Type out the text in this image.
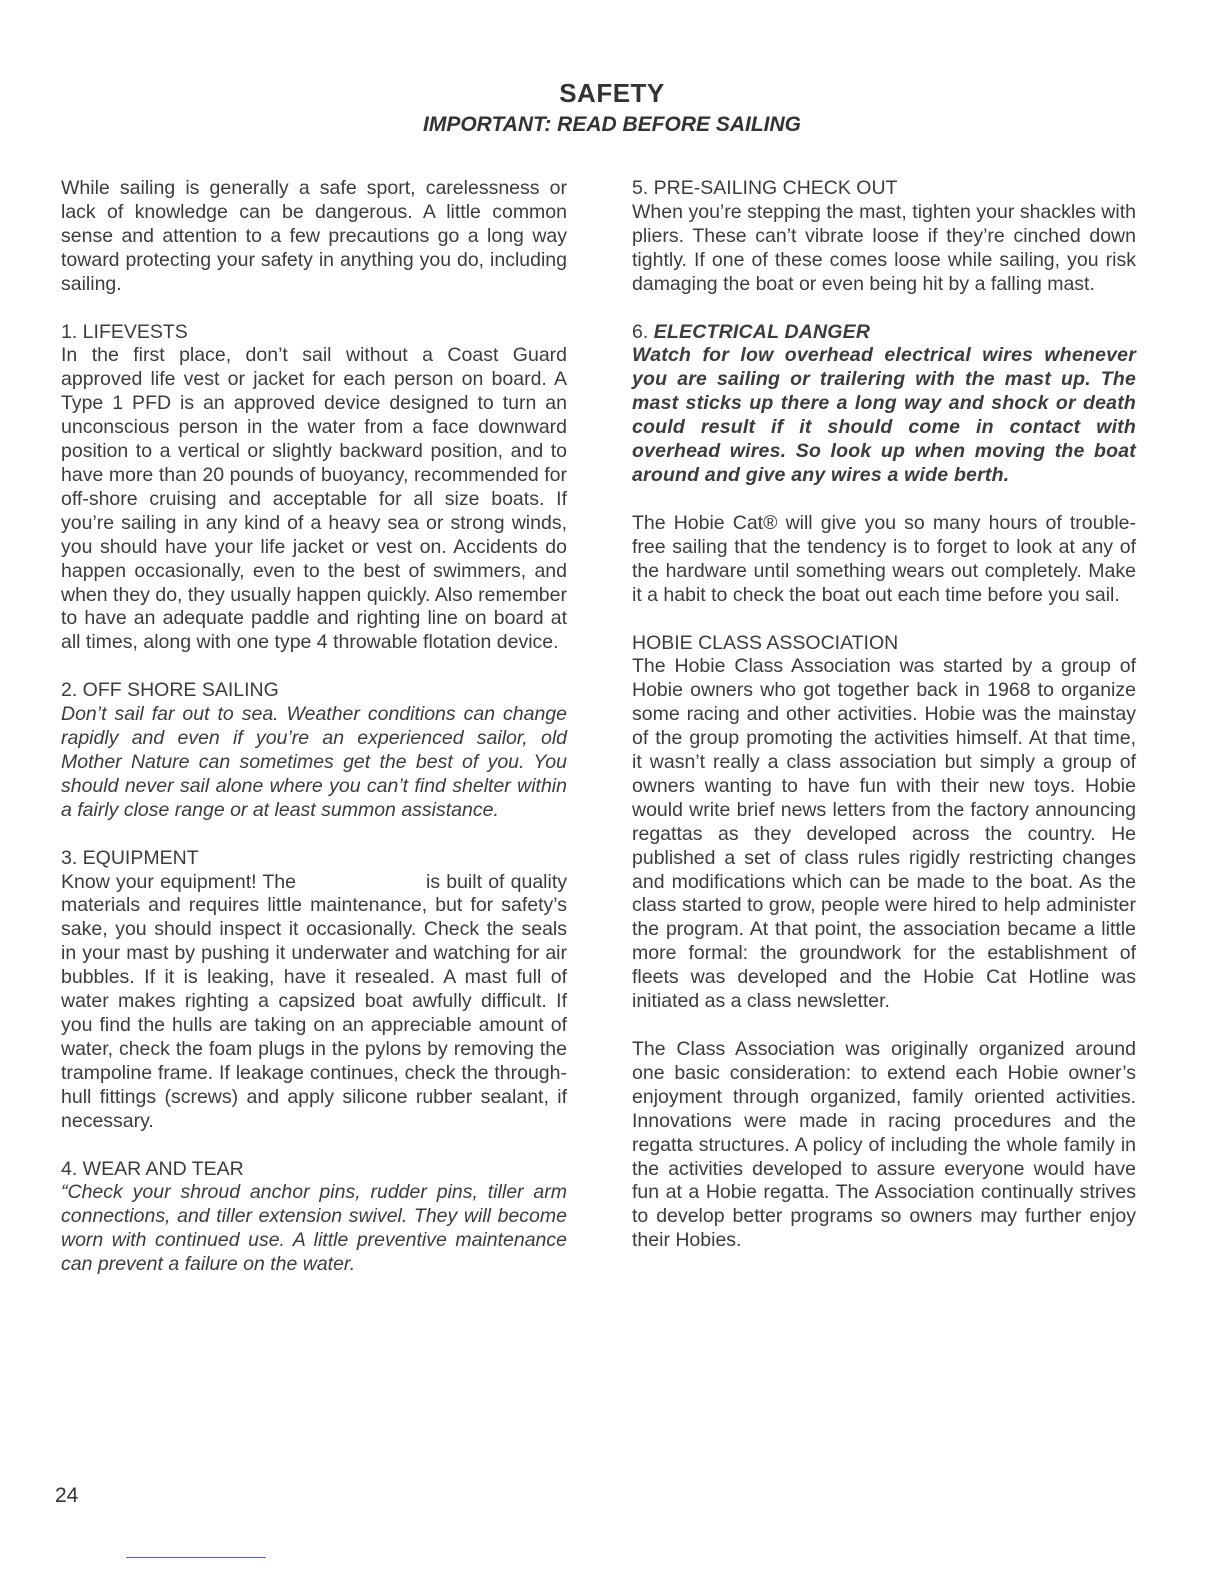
SAFETY
IMPORTANT: READ BEFORE SAILING

While sailing is generally a safe sport, carelessness or lack of knowledge can be dangerous. A little common sense and attention to a few precautions go a long way toward protecting your safety in anything you do, including sailing.

1. LIFEVESTS

In the first place, don’t sail without a Coast Guard approved life vest or jacket for each person on board. A Type 1 PFD is an approved device designed to turn an unconscious person in the water from a face downward position to a vertical or slightly backward position, and to have more than 20 pounds of buoyancy, recommended for off-shore cruising and acceptable for all size boats. If you’re sailing in any kind of a heavy sea or strong winds, you should have your life jacket or vest on. Accidents do happen occasionally, even to the best of swimmers, and when they do, they usually happen quickly. Also remember to have an adequate paddle and righting line on board at all times, along with one type 4 throwable flotation device.

2. OFF SHORE SAILING

Don’t sail far out to sea. Weather conditions can change rapidly and even if you’re an experienced sailor, old Mother Nature can sometimes get the best of you. You should never sail alone where you can’t find shelter within a fairly close range or at least summon assistance.

3. EQUIPMENT

Know your equipment! The	is built of quality materials and requires little maintenance, but for safety’s sake, you should inspect it occasionally. Check the seals in your mast by pushing it underwater and watching for air bubbles. If it is leaking, have it resealed. A mast full of water makes righting a capsized boat awfully difficult. If you find the hulls are taking on an appreciable amount of water, check the foam plugs in the pylons by removing the trampoline frame. If leakage continues, check the through-hull fittings (screws) and apply silicone rubber sealant, if necessary.

4. WEAR AND TEAR

“Check your shroud anchor pins, rudder pins, tiller arm connections, and tiller extension swivel. They will become worn with continued use. A little preventive maintenance can prevent a failure on the water.

5. PRE-SAILING CHECK OUT

When you’re stepping the mast, tighten your shackles with pliers. These can’t vibrate loose if they’re cinched down tightly. If one of these comes loose while sailing, you risk damaging the boat or even being hit by a falling mast.

6. ELECTRICAL DANGER

Watch for low overhead electrical wires whenever you are sailing or trailering with the mast up. The mast sticks up there a long way and shock or death could result if it should come in contact with overhead wires. So look up when moving the boat around and give any wires a wide berth.

The Hobie Cat® will give you so many hours of trouble-free sailing that the tendency is to forget to look at any of the hardware until something wears out completely. Make it a habit to check the boat out each time before you sail.

HOBIE CLASS ASSOCIATION

The Hobie Class Association was started by a group of Hobie owners who got together back in 1968 to organize some racing and other activities. Hobie was the mainstay of the group promoting the activities himself. At that time, it wasn’t really a class association but simply a group of owners wanting to have fun with their new toys. Hobie would write brief news letters from the factory announcing regattas as they developed across the country. He published a set of class rules rigidly restricting changes and modifications which can be made to the boat. As the class started to grow, people were hired to help administer the program. At that point, the association became a little more formal: the groundwork for the establishment of fleets was developed and the Hobie Cat Hotline was initiated as a class newsletter.

The Class Association was originally organized around one basic consideration: to extend each Hobie owner’s enjoyment through organized, family oriented activities. Innovations were made in racing procedures and the regatta structures. A policy of including the whole family in the activities developed to assure everyone would have fun at a Hobie regatta. The Association continually strives to develop better programs so owners may further enjoy their Hobies.

24
